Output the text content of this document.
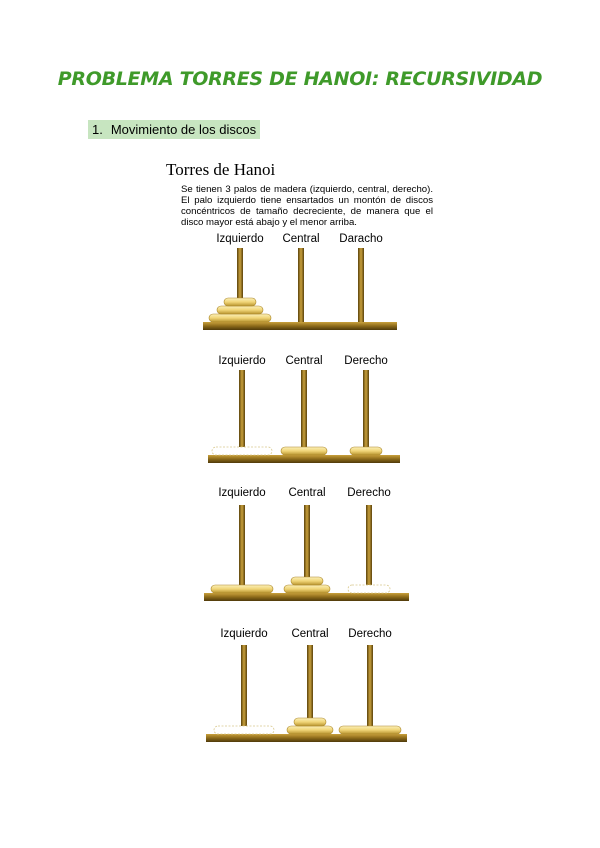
PROBLEMA TORRES DE HANOI: RECURSIVIDAD
1. Movimiento de los discos
Torres de Hanoi
Se tienen 3 palos de madera (izquierdo, central, derecho). El palo izquierdo tiene ensartados un montón de discos concéntricos de tamaño decreciente, de manera que el disco mayor está abajo y el menor arriba.
Izquierdo Central Daracho
Izquierdo Central Derecho
Izquierdo Central Derecho
Izquierdo Central Derecho
